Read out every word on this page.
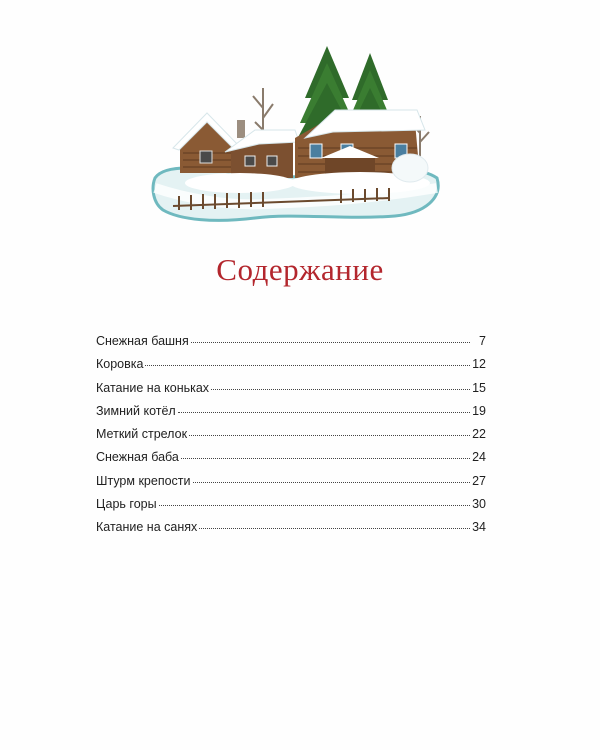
Содержание
Снежная башня	7
Коровка	12
Катание на коньках	15
Зимний котёл	19
Меткий стрелок	22
Снежная баба	24
Штурм крепости	27
Царь горы	30
Катание на санях	34
